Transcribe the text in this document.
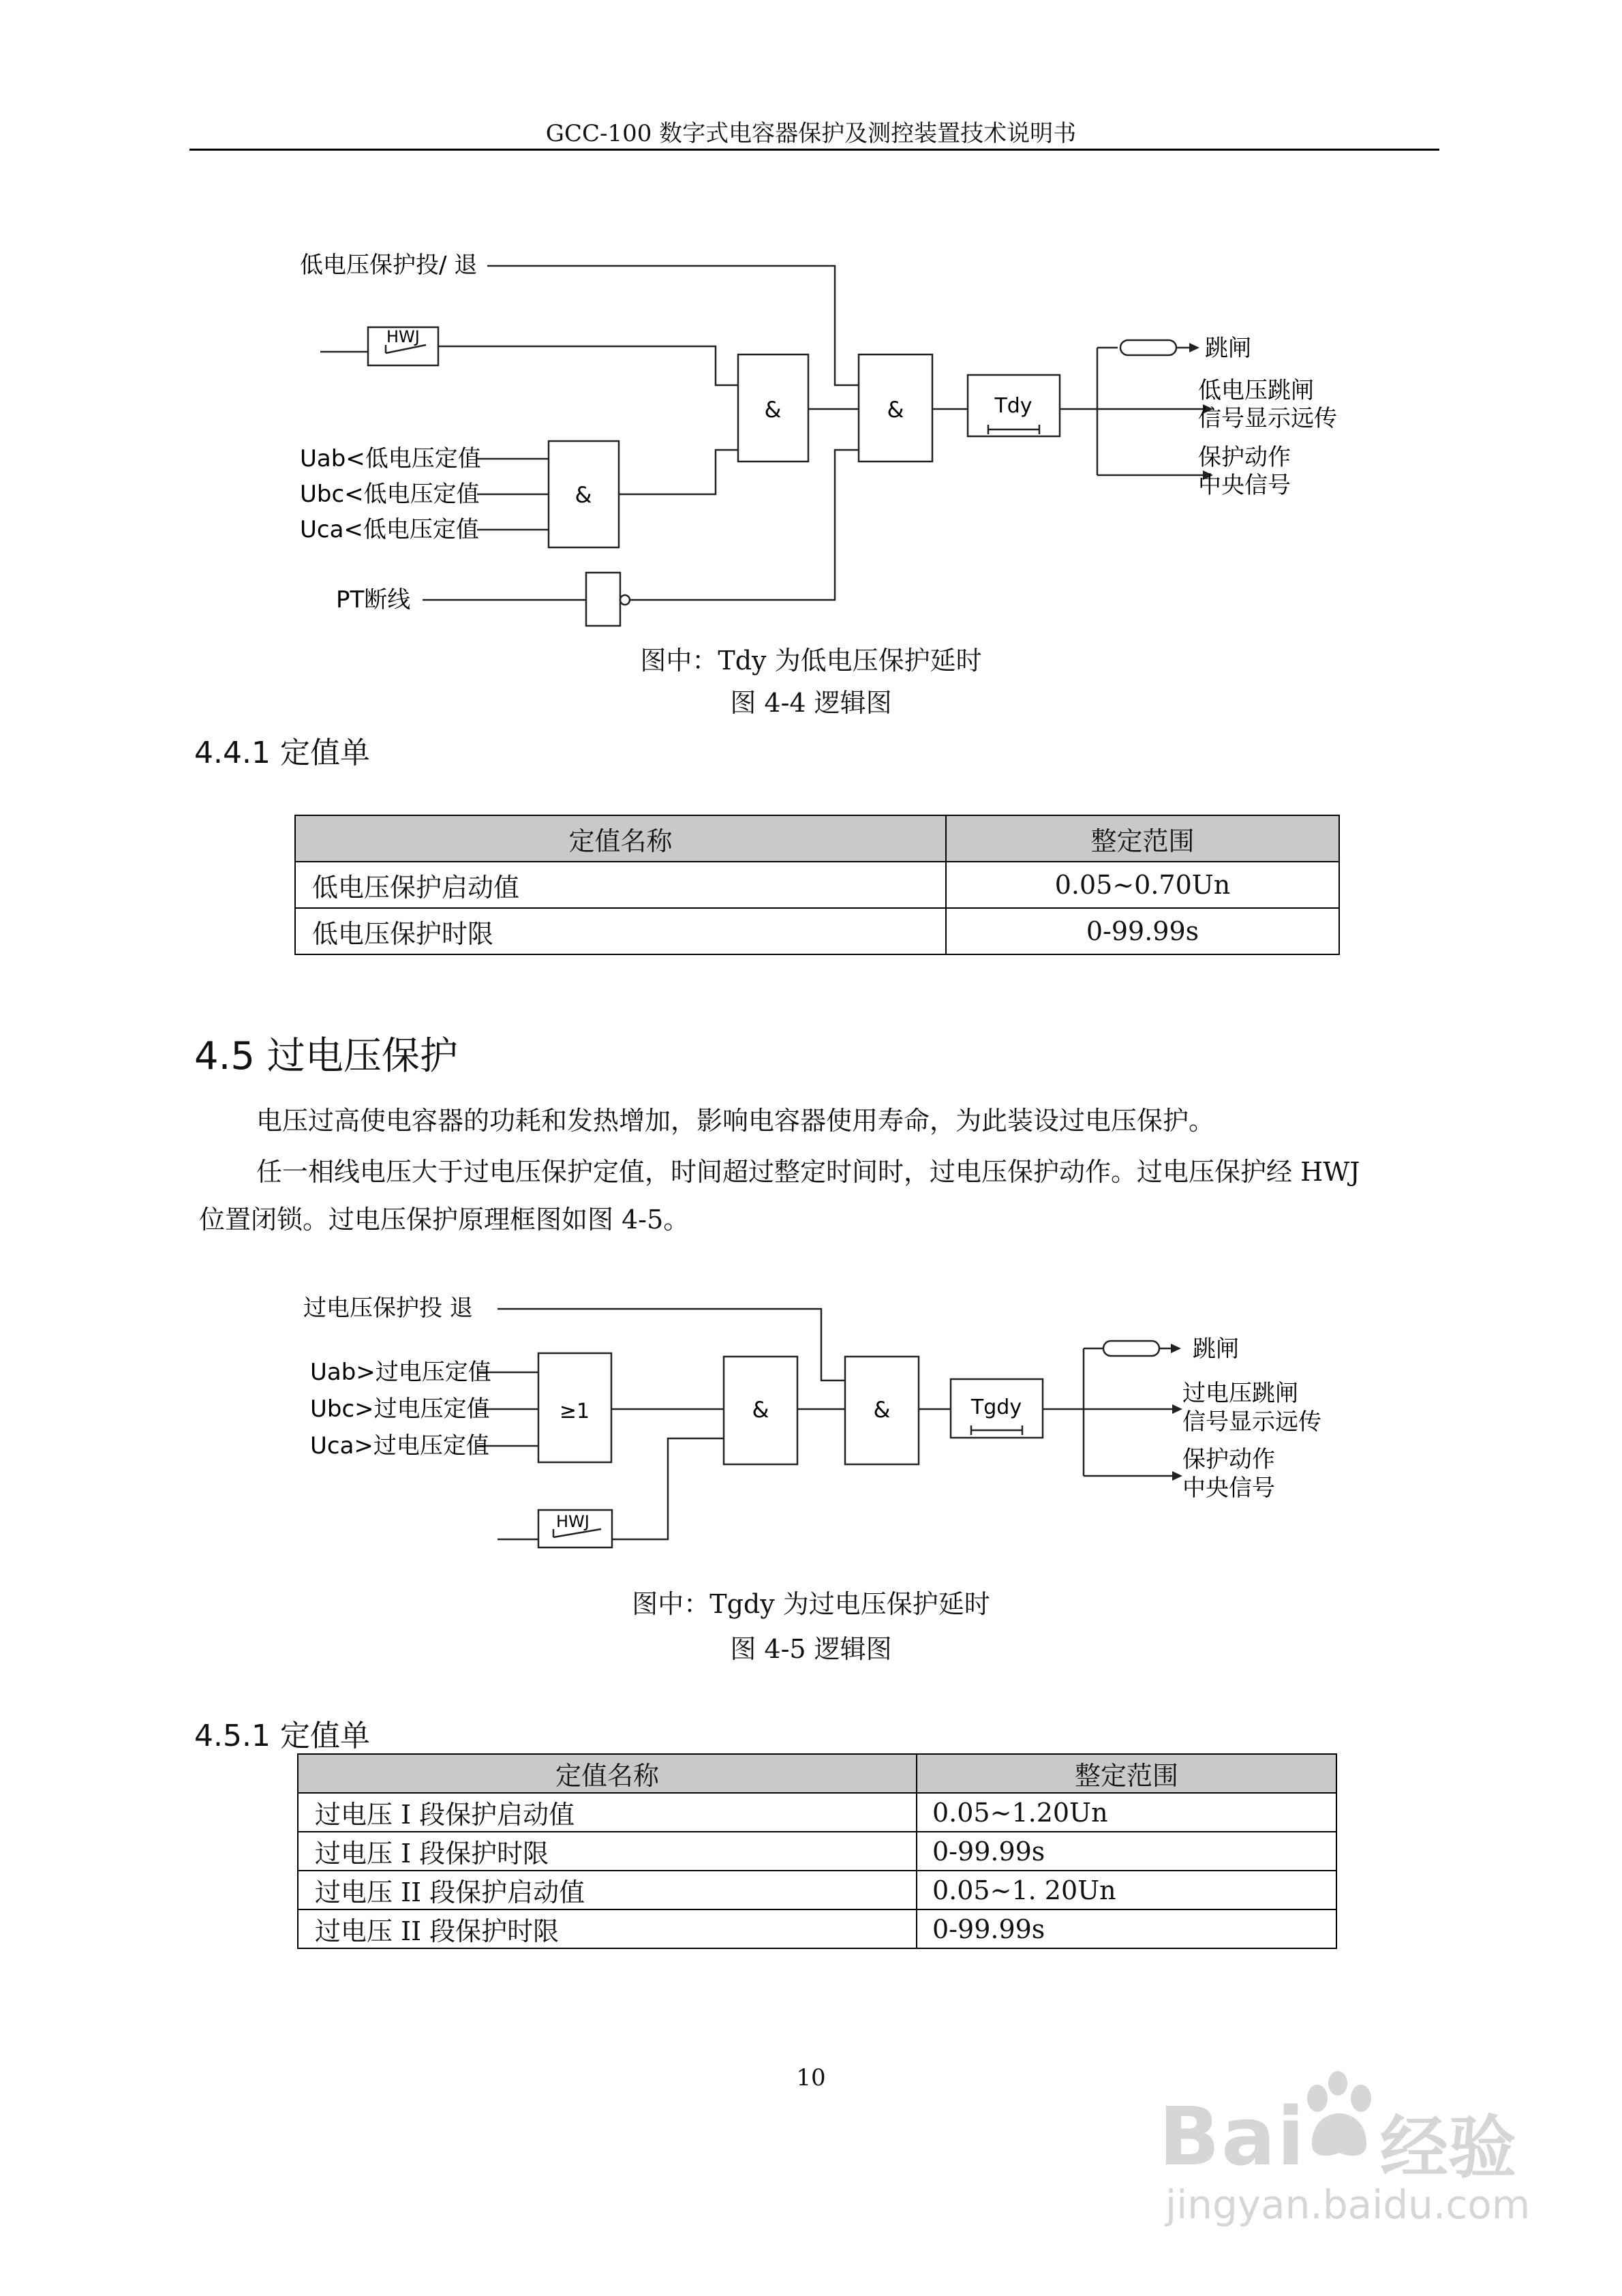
GCC-100 数字式电容器保护及测控装置技术说明书
低电压保护投/ 退
HWJ
Uab<低电压定值
Ubc<低电压定值
Uca<低电压定值
PT断线
&	&
&
Tdy
跳闸
低电压跳闸
信号显示远传
保护动作
中央信号
图中：Tdy 为低电压保护延时
图 4-4 逻辑图
4.4.1 定值单
定值名称	整定范围
低电压保护启动值	0.05~0.70Un
低电压保护时限	0-99.99s
4.5 过电压保护
电压过高使电容器的功耗和发热增加，影响电容器使用寿命，为此装设过电压保护。
任一相线电压大于过电压保护定值，时间超过整定时间时，过电压保护动作。过电压保护经 HWJ
位置闭锁。过电压保护原理框图如图 4-5。
过电压保护投 退
Uab>过电压定值
Ubc>过电压定值
Uca>过电压定值
HWJ
≥1	&	&	Tgdy
跳闸
过电压跳闸
信号显示远传
保护动作
中央信号
图中：Tgdy 为过电压保护延时
图 4-5 逻辑图
4.5.1 定值单
定值名称	整定范围
过电压 I 段保护启动值	0.05~1.20Un
过电压 I 段保护时限	0-99.99s
过电压 II 段保护启动值	0.05~1. 20Un
过电压 II 段保护时限	0-99.99s
10
Bai 经验
jingyan.baidu.com
